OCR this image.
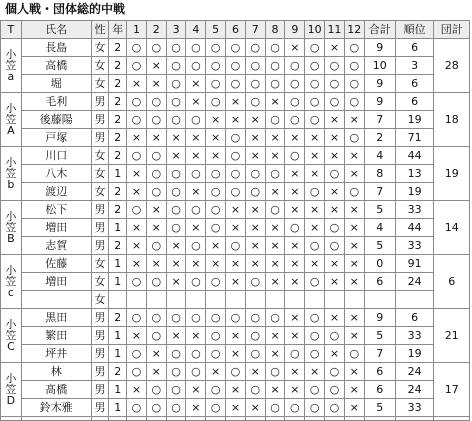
個人戦・団体総的中戦
T	氏名	性	年	1	2	3	4	5	6	7	8	9	10	11	12	合計	順位	団計

小
笠
a	長島	女	2	○	○	○	○	○	○	○	○	×	○	×	○	9	6	28
	高橋	女	2	○	×	○	○	○	○	○	○	○	○	○	○	10	3	
	堀	女	2	×	×	○	×	○	○	○	○	○	○	○	○	9	6	

小
笠
A	毛利	男	2	○	○	○	×	○	×	○	×	○	○	○	○	9	6	18
	後藤陽	男	2	○	○	○	○	×	×	×	○	○	○	×	×	7	19	
	戸塚	男	2	×	×	×	×	×	○	×	×	×	×	×	○	2	71	

小
笠
b	川口	女	2	○	○	×	×	×	○	×	×	○	×	×	×	4	44	19
	八木	女	1	×	○	○	○	○	○	○	○	×	×	○	×	8	13	
	渡辺	女	2	×	○	○	×	○	○	○	×	×	○	×	○	7	19	

小
笠
B	松下	男	2	○	×	○	○	○	×	×	○	×	×	×	×	5	33	14
	増田	男	1	×	×	○	×	○	×	×	×	○	×	○	×	4	44	
	志賀	男	2	×	○	×	○	×	○	×	×	×	○	○	×	5	33	

小
笠
c	佐藤	女	1	×	×	×	×	×	×	×	×	×	×	×	×	0	91	6
	増田	女	1	○	○	×	○	○	×	○	×	×	○	×	×	6	24	
		女																

小
笠
C	黒田	男	2	○	○	○	○	○	○	○	○	×	○	×	×	9	6	21
	繁田	男	1	×	○	×	×	○	×	○	×	×	○	○	×	5	33	
	坪井	男	1	○	×	○	○	○	×	○	×	○	○	×	○	7	19	

小
笠
D	林	男	2	○	×	○	○	×	○	×	○	×	×	○	×	6	24	17
	髙橋	男	1	×	○	○	×	○	×	○	×	×	○	○	×	6	24	
	鈴木雅	男	1	○	○	○	×	○	×	×	○	○	○	○	×	5	33	
